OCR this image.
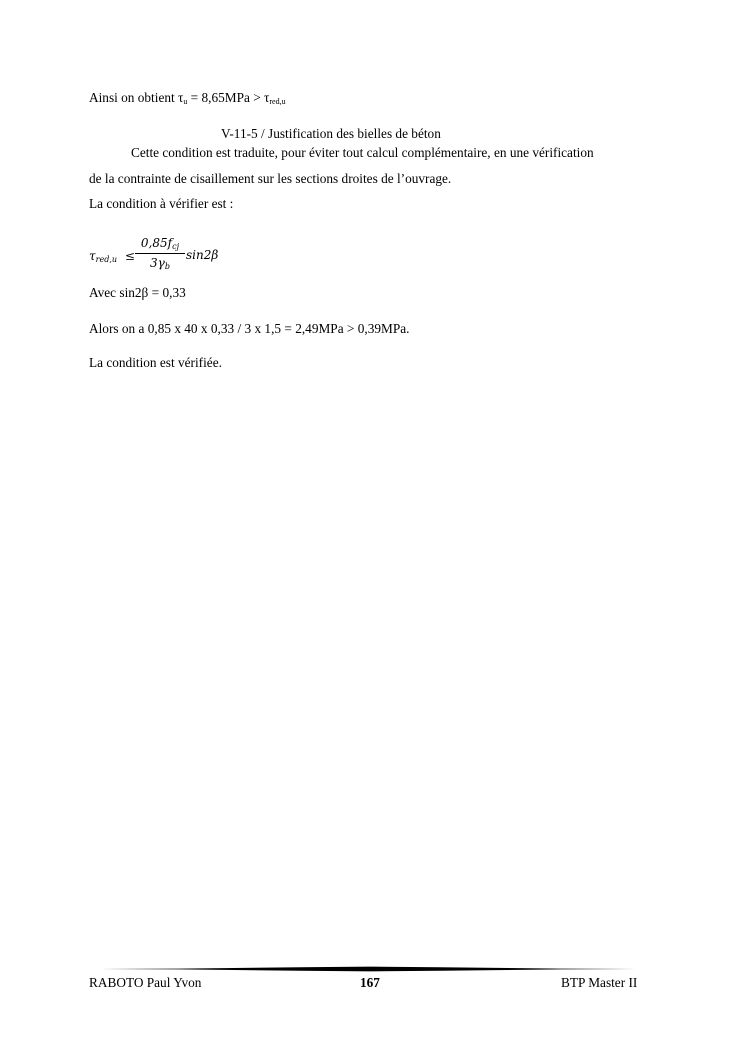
Ainsi on obtient $\tau_u = 8,65MPa > \tau_{red,u}$
V-11-5 / Justification des bielles de béton
Cette condition est traduite, pour éviter tout calcul complémentaire, en une vérification
de la contrainte de cisaillement sur les sections droites de l’ouvrage.
La condition à vérifier est :
$\tau_{red,u}$ ≤
$0,85f_{cj}$
$3\gamma_b$
sin2β
Avec sin2β = 0,33
Alors on a 0,85 x 40 x 0,33 / 3 x 1,5 = 2,49MPa > 0,39MPa.
La condition est vérifiée.
RABOTO Paul Yvon	167	BTP Master II
